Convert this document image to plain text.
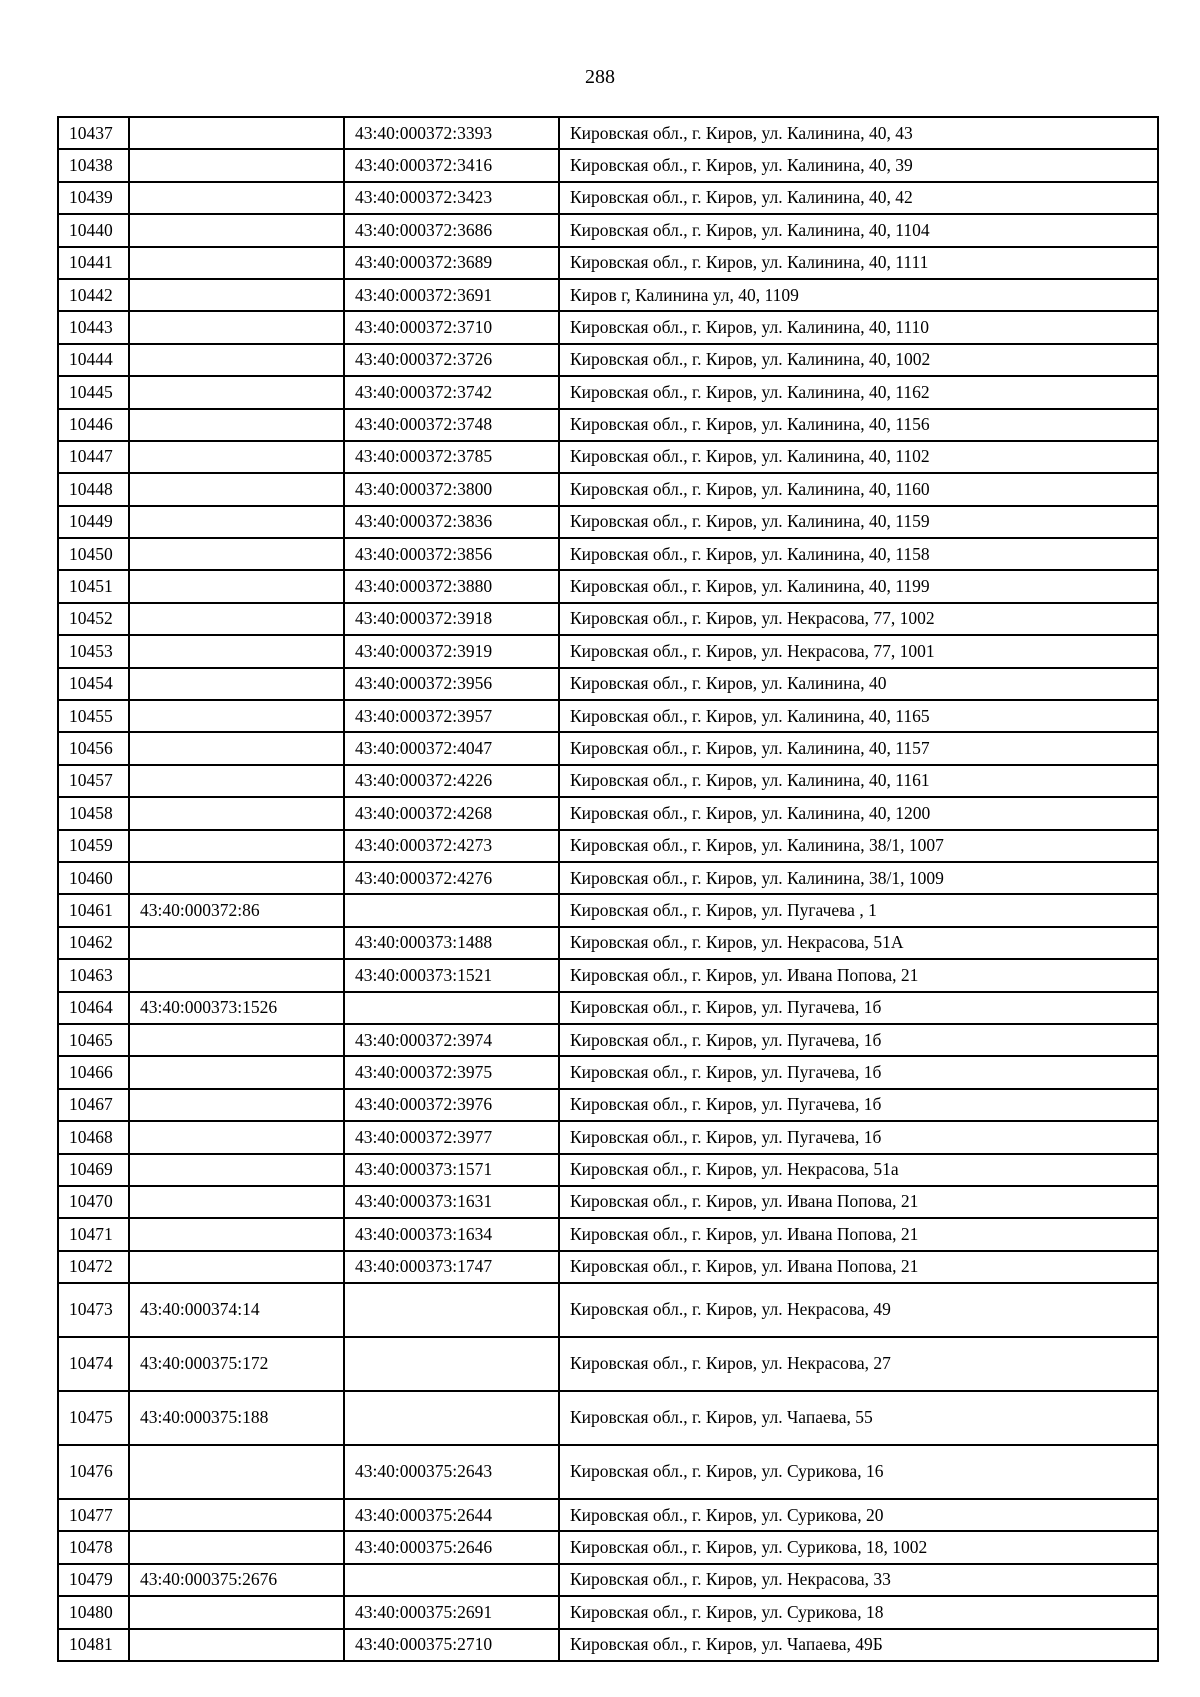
288
10437		43:40:000372:3393	Кировская обл., г. Киров, ул. Калинина, 40, 43
10438		43:40:000372:3416	Кировская обл., г. Киров, ул. Калинина, 40, 39
10439		43:40:000372:3423	Кировская обл., г. Киров, ул. Калинина, 40, 42
10440		43:40:000372:3686	Кировская обл., г. Киров, ул. Калинина, 40, 1104
10441		43:40:000372:3689	Кировская обл., г. Киров, ул. Калинина, 40, 1111
10442		43:40:000372:3691	Киров г, Калинина ул, 40, 1109
10443		43:40:000372:3710	Кировская обл., г. Киров, ул. Калинина, 40, 1110
10444		43:40:000372:3726	Кировская обл., г. Киров, ул. Калинина, 40, 1002
10445		43:40:000372:3742	Кировская обл., г. Киров, ул. Калинина, 40, 1162
10446		43:40:000372:3748	Кировская обл., г. Киров, ул. Калинина, 40, 1156
10447		43:40:000372:3785	Кировская обл., г. Киров, ул. Калинина, 40, 1102
10448		43:40:000372:3800	Кировская обл., г. Киров, ул. Калинина, 40, 1160
10449		43:40:000372:3836	Кировская обл., г. Киров, ул. Калинина, 40, 1159
10450		43:40:000372:3856	Кировская обл., г. Киров, ул. Калинина, 40, 1158
10451		43:40:000372:3880	Кировская обл., г. Киров, ул. Калинина, 40, 1199
10452		43:40:000372:3918	Кировская обл., г. Киров, ул. Некрасова, 77, 1002
10453		43:40:000372:3919	Кировская обл., г. Киров, ул. Некрасова, 77, 1001
10454		43:40:000372:3956	Кировская обл., г. Киров, ул. Калинина, 40
10455		43:40:000372:3957	Кировская обл., г. Киров, ул. Калинина, 40, 1165
10456		43:40:000372:4047	Кировская обл., г. Киров, ул. Калинина, 40, 1157
10457		43:40:000372:4226	Кировская обл., г. Киров, ул. Калинина, 40, 1161
10458		43:40:000372:4268	Кировская обл., г. Киров, ул. Калинина, 40, 1200
10459		43:40:000372:4273	Кировская обл., г. Киров, ул. Калинина, 38/1, 1007
10460		43:40:000372:4276	Кировская обл., г. Киров, ул. Калинина, 38/1, 1009
10461	43:40:000372:86		Кировская обл., г. Киров, ул. Пугачева , 1
10462		43:40:000373:1488	Кировская обл., г. Киров, ул. Некрасова, 51А
10463		43:40:000373:1521	Кировская обл., г. Киров, ул. Ивана Попова, 21
10464	43:40:000373:1526		Кировская обл., г. Киров, ул. Пугачева, 1б
10465		43:40:000372:3974	Кировская обл., г. Киров, ул. Пугачева, 1б
10466		43:40:000372:3975	Кировская обл., г. Киров, ул. Пугачева, 1б
10467		43:40:000372:3976	Кировская обл., г. Киров, ул. Пугачева, 1б
10468		43:40:000372:3977	Кировская обл., г. Киров, ул. Пугачева, 1б
10469		43:40:000373:1571	Кировская обл., г. Киров, ул. Некрасова, 51а
10470		43:40:000373:1631	Кировская обл., г. Киров, ул. Ивана Попова, 21
10471		43:40:000373:1634	Кировская обл., г. Киров, ул. Ивана Попова, 21
10472		43:40:000373:1747	Кировская обл., г. Киров, ул. Ивана Попова, 21
10473	43:40:000374:14		Кировская обл., г. Киров, ул. Некрасова, 49
10474	43:40:000375:172		Кировская обл., г. Киров, ул. Некрасова, 27
10475	43:40:000375:188		Кировская обл., г. Киров, ул. Чапаева, 55
10476		43:40:000375:2643	Кировская обл., г. Киров, ул. Сурикова, 16
10477		43:40:000375:2644	Кировская обл., г. Киров, ул. Сурикова, 20
10478		43:40:000375:2646	Кировская обл., г. Киров, ул. Сурикова, 18, 1002
10479	43:40:000375:2676		Кировская обл., г. Киров, ул. Некрасова, 33
10480		43:40:000375:2691	Кировская обл., г. Киров, ул. Сурикова, 18
10481		43:40:000375:2710	Кировская обл., г. Киров, ул. Чапаева, 49Б
